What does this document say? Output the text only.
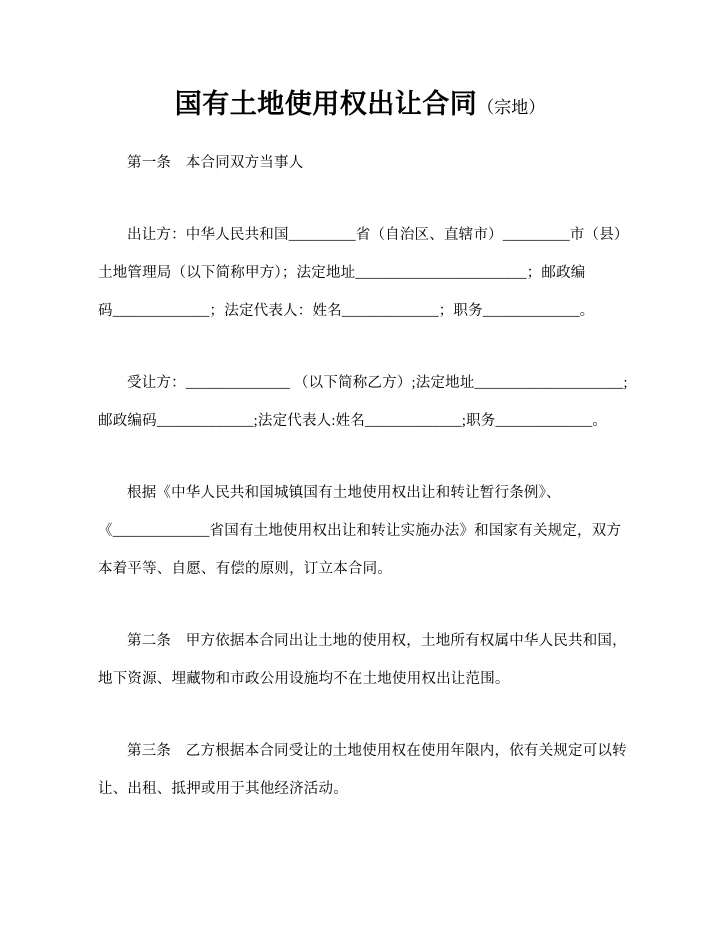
国有土地使用权出让合同（宗地）
第一条　本合同双方当事人
出让方：中华人民共和国_________省（自治区、直辖市）_________市（县）
土地管理局（以下简称甲方）；法定地址_______________________；邮政编
码_____________；法定代表人：姓名_____________；职务_____________。
受让方：______________ （以下简称乙方）;法定地址____________________;
邮政编码_____________;法定代表人:姓名_____________;职务_____________。
根据《中华人民共和国城镇国有土地使用权出让和转让暂行条例》、
《_____________省国有土地使用权出让和转让实施办法》和国家有关规定，双方
本着平等、自愿、有偿的原则，订立本合同。
第二条　甲方依据本合同出让土地的使用权，土地所有权属中华人民共和国，
地下资源、埋藏物和市政公用设施均不在土地使用权出让范围。
第三条　乙方根据本合同受让的土地使用权在使用年限内，依有关规定可以转
让、出租、抵押或用于其他经济活动。
